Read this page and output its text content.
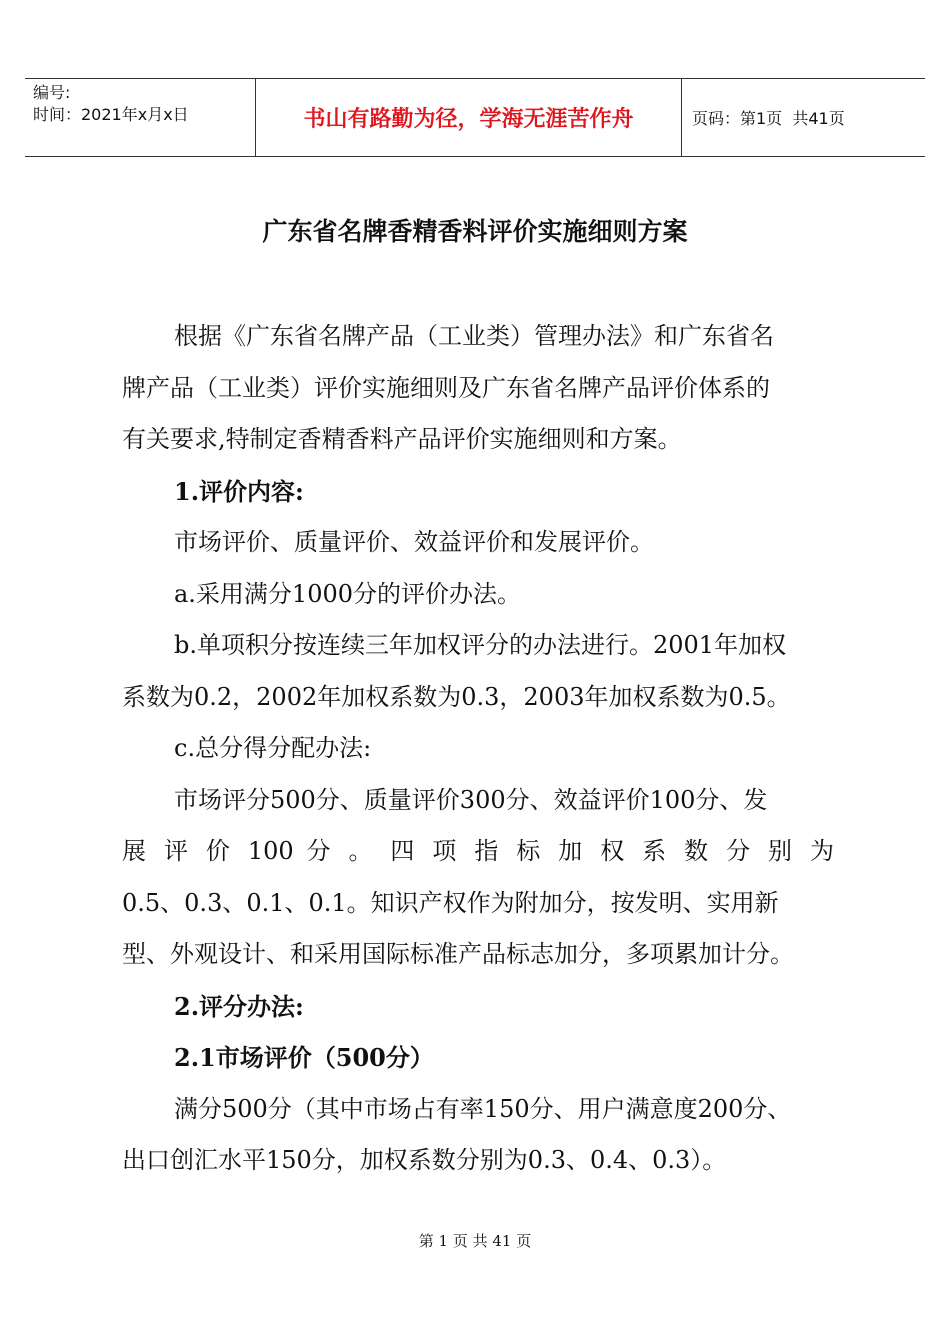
编号:
时间：2021年x月x日	书山有路勤为径，学海无涯苦作舟	页码：第1页  共41页
广东省名牌香精香料评价实施细则方案

根据《广东省名牌产品（工业类）管理办法》和广东省名

牌产品（工业类）评价实施细则及广东省名牌产品评价体系的

有关要求,特制定香精香料产品评价实施细则和方案。

1.评价内容:

市场评价、质量评价、效益评价和发展评价。

a.采用满分1000分的评价办法。

b.单项积分按连续三年加权评分的办法进行。2001年加权

系数为0.2，2002年加权系数为0.3，2003年加权系数为0.5。

c.总分得分配办法:

市场评分500分、质量评价300分、效益评价100分、发

展 评 价 100 分 。 四 项 指 标 加 权 系 数 分 别 为

0.5、0.3、0.1、0.1。知识产权作为附加分，按发明、实用新

型、外观设计、和采用国际标准产品标志加分，多项累加计分。

2.评分办法:

2.1市场评价（500分）

满分500分（其中市场占有率150分、用户满意度200分、

出口创汇水平150分，加权系数分别为0.3、0.4、0.3）。

第 1 页 共 41 页
